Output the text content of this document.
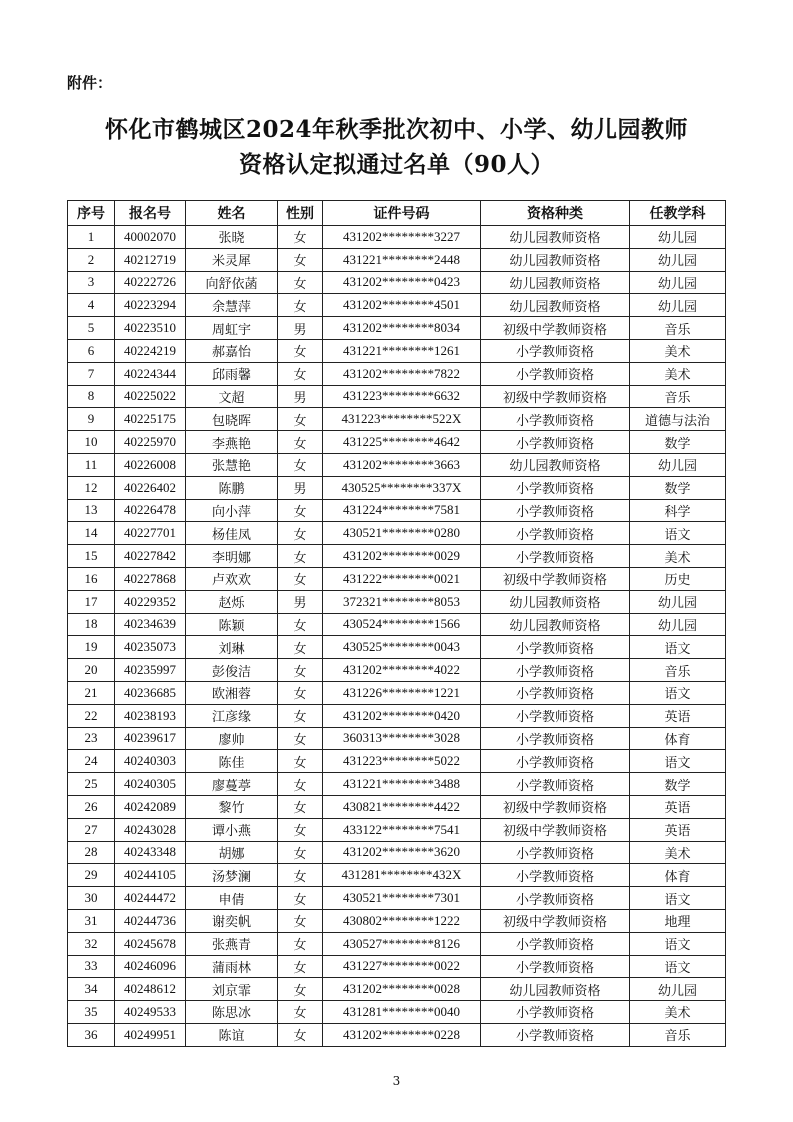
附件：
怀化市鹤城区2024年秋季批次初中、小学、幼儿园教师
资格认定拟通过名单（90人）
序号	报名号	姓名	性别	证件号码	资格种类	任教学科
1	40002070	张晓	女	431202********3227	幼儿园教师资格	幼儿园
2	40212719	米灵犀	女	431221********2448	幼儿园教师资格	幼儿园
3	40222726	向舒依菡	女	431202********0423	幼儿园教师资格	幼儿园
4	40223294	余慧萍	女	431202********4501	幼儿园教师资格	幼儿园
5	40223510	周虹宇	男	431202********8034	初级中学教师资格	音乐
6	40224219	郝嘉怡	女	431221********1261	小学教师资格	美术
7	40224344	邱雨馨	女	431202********7822	小学教师资格	美术
8	40225022	文超	男	431223********6632	初级中学教师资格	音乐
9	40225175	包晓晖	女	431223********522X	小学教师资格	道德与法治
10	40225970	李燕艳	女	431225********4642	小学教师资格	数学
11	40226008	张慧艳	女	431202********3663	幼儿园教师资格	幼儿园
12	40226402	陈鹏	男	430525********337X	小学教师资格	数学
13	40226478	向小萍	女	431224********7581	小学教师资格	科学
14	40227701	杨佳凤	女	430521********0280	小学教师资格	语文
15	40227842	李明娜	女	431202********0029	小学教师资格	美术
16	40227868	卢欢欢	女	431222********0021	初级中学教师资格	历史
17	40229352	赵烁	男	372321********8053	幼儿园教师资格	幼儿园
18	40234639	陈颖	女	430524********1566	幼儿园教师资格	幼儿园
19	40235073	刘琳	女	430525********0043	小学教师资格	语文
20	40235997	彭俊洁	女	431202********4022	小学教师资格	音乐
21	40236685	欧湘蓉	女	431226********1221	小学教师资格	语文
22	40238193	江彦缘	女	431202********0420	小学教师资格	英语
23	40239617	廖帅	女	360313********3028	小学教师资格	体育
24	40240303	陈佳	女	431223********5022	小学教师资格	语文
25	40240305	廖蔓葶	女	431221********3488	小学教师资格	数学
26	40242089	黎竹	女	430821********4422	初级中学教师资格	英语
27	40243028	谭小燕	女	433122********7541	初级中学教师资格	英语
28	40243348	胡娜	女	431202********3620	小学教师资格	美术
29	40244105	汤梦澜	女	431281********432X	小学教师资格	体育
30	40244472	申倩	女	430521********7301	小学教师资格	语文
31	40244736	谢奕帆	女	430802********1222	初级中学教师资格	地理
32	40245678	张燕青	女	430527********8126	小学教师资格	语文
33	40246096	蒲雨林	女	431227********0022	小学教师资格	语文
34	40248612	刘京霏	女	431202********0028	幼儿园教师资格	幼儿园
35	40249533	陈思冰	女	431281********0040	小学教师资格	美术
36	40249951	陈谊	女	431202********0228	小学教师资格	音乐
3
